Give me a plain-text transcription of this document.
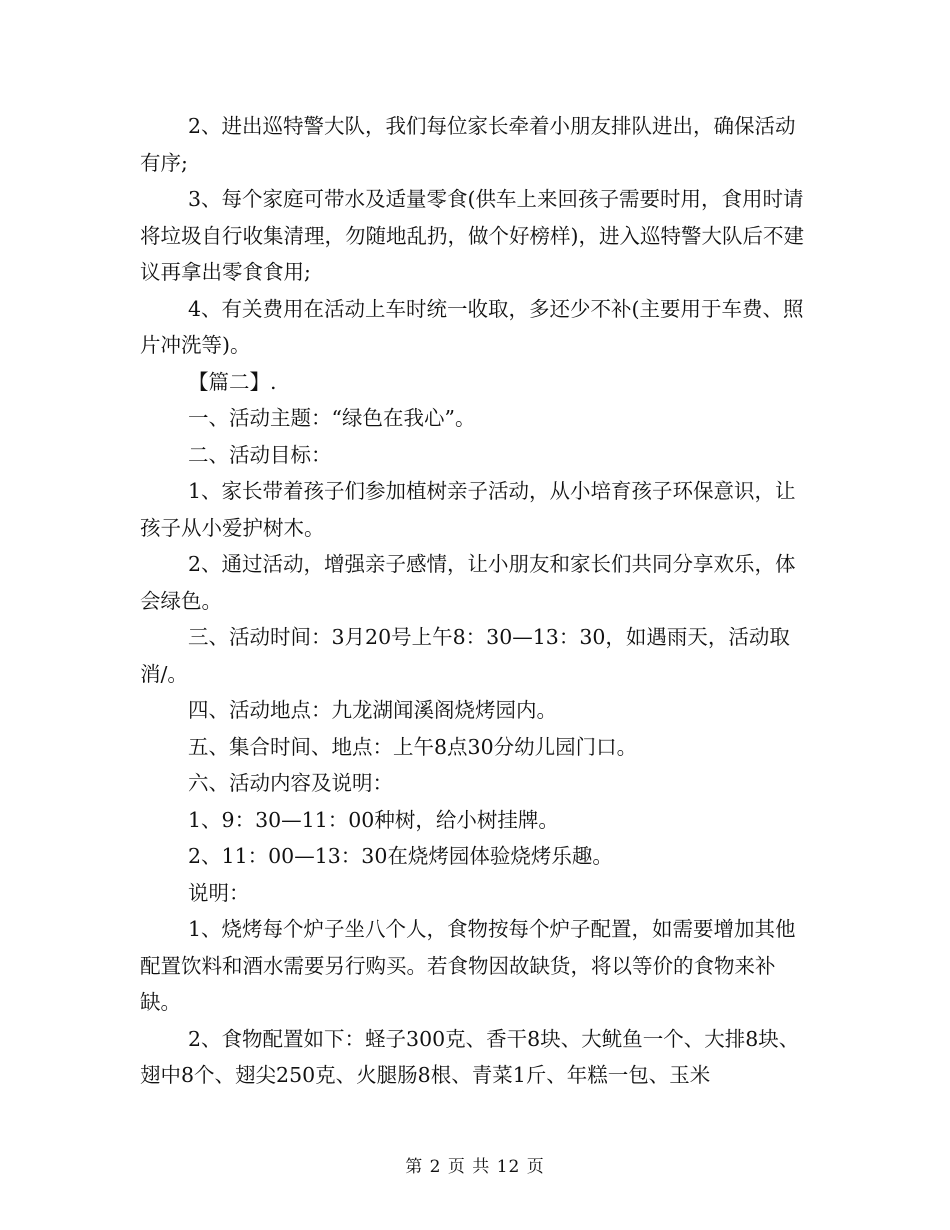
2、进出巡特警大队，我们每位家长牵着小朋友排队进出，确保活动有序;

3、每个家庭可带水及适量零食(供车上来回孩子需要时用，食用时请将垃圾自行收集清理，勿随地乱扔，做个好榜样)，进入巡特警大队后不建议再拿出零食食用;

4、有关费用在活动上车时统一收取，多还少不补(主要用于车费、照片冲洗等)。

【篇二】.

一、活动主题：“绿色在我心”。

二、活动目标：

1、家长带着孩子们参加植树亲子活动，从小培育孩子环保意识，让孩子从小爱护树木。

2、通过活动，增强亲子感情，让小朋友和家长们共同分享欢乐，体会绿色。

三、活动时间：3月20号上午8：30—13：30，如遇雨天，活动取消/。

四、活动地点：九龙湖闻溪阁烧烤园内。

五、集合时间、地点：上午8点30分幼儿园门口。

六、活动内容及说明：

1、9：30—11：00种树，给小树挂牌。

2、11：00—13：30在烧烤园体验烧烤乐趣。

说明：

1、烧烤每个炉子坐八个人，食物按每个炉子配置，如需要增加其他配置饮料和酒水需要另行购买。若食物因故缺货，将以等价的食物来补缺。

2、食物配置如下：蛏子300克、香干8块、大鱿鱼一个、大排8块、翅中8个、翅尖250克、火腿肠8根、青菜1斤、年糕一包、玉米

第 2 页 共 12 页
